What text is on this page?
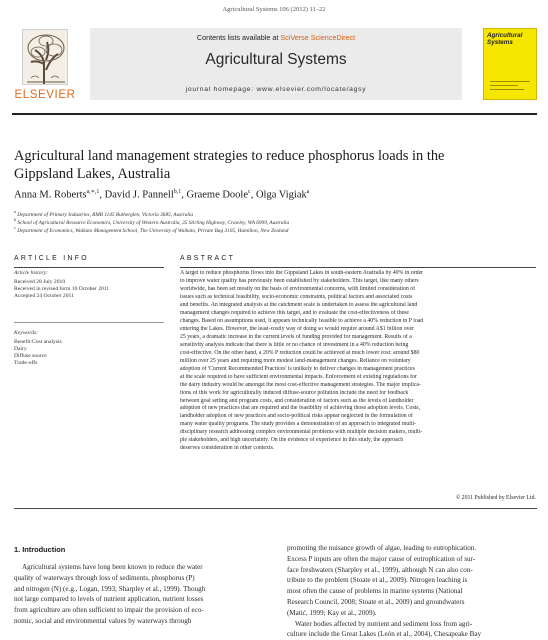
Agricultural Systems 106 (2012) 11–22
ELSEVIER
Contents lists available at SciVerse ScienceDirect
Agricultural Systems
journal homepage: www.elsevier.com/locate/agsy
Agricultural Systems
Agricultural land management strategies to reduce phosphorus loads in the Gippsland Lakes, Australia
Anna M. Roberts$^{a,∗,1}$, David J. Pannell$^{b,1}$, Graeme Doole$^c$, Olga Vigiak$^a$
$^a$ Department of Primary Industries, RMB 1145 Rutherglen, Victoria 3685, Australia
$^b$ School of Agricultural Resource Economics, University of Western Australia, 35 Stirling Highway, Crawley, WA 6009, Australia
$^c$ Department of Economics, Waikato Management School, The University of Waikato, Private Bag 3105, Hamilton, New Zealand
ARTICLE INFO
Article history:
Received 28 July 2010
Received in revised form 10 October 2011
Accepted 24 October 2011
Keywords:
Benefit:Cost analysis
Dairy
Diffuse source
Trade-offs
ABSTRACT
A target to reduce phosphorus flows into the Gippsland Lakes in south-eastern Australia by 40% in order
to improve water quality has previously been established by stakeholders. This target, like many others
worldwide, has been set mostly on the basis of environmental concerns, with limited consideration of
issues such as technical feasibility, socio-economic constraints, political factors and associated costs
and benefits. An integrated analysis at the catchment scale is undertaken to assess the agricultural land
management changes required to achieve this target, and to evaluate the cost-effectiveness of these
changes. Based on assumptions used, it appears technically feasible to achieve a 40% reduction in P load
entering the Lakes. However, the least-costly way of doing so would require around A$1 billion over
25 years, a dramatic increase in the current levels of funding provided for management. Results of a
sensitivity analysis indicate that there is little or no chance of investment in a 40% reduction being
cost-effective. On the other hand, a 20% P reduction could be achieved at much lower cost: around $80
million over 25 years and requiring more modest land-management changes. Reliance on voluntary
adoption of 'Current Recommended Practices' is unlikely to deliver changes in management practices
at the scale required to have sufficient environmental impacts. Enforcement of existing regulations for
the dairy industry would be amongst the most cost-effective management strategies. The major implica-
tions of this work for agriculturally induced diffuse-source pollution include the need for feedback
between goal setting and program costs, and consideration of factors such as the levels of landholder
adoption of new practices that are required and the feasibility of achieving those adoption levels. Costs,
landholder adoption of new practices and socio-political risks appear neglected in the formulation of
many water quality programs. The study provides a demonstration of an approach to integrated multi-
disciplinary research addressing complex environmental problems with multiple decision makers, multi-
ple stakeholders, and high uncertainty. On the evidence of experience in this study, the approach
deserves consideration in other contexts.
© 2011 Published by Elsevier Ltd.
1. Introduction
Agricultural systems have long been known to reduce the water
quality of waterways through loss of sediments, phosphorus (P)
and nitrogen (N) (e.g., Logan, 1993; Sharpley et al., 1999). Though
not large compared to levels of nutrient application, nutrient losses
from agriculture are often sufficient to impair the provision of eco-
nomic, social and environmental values by waterways through
promoting the nuisance growth of algae, leading to eutrophication.
Excess P inputs are often the major cause of eutrophication of sur-
face freshwaters (Sharpley et al., 1999), although N can also con-
tribute to the problem (Stoate et al., 2009). Nitrogen leaching is
most often the cause of problems in marine systems (National
Research Council, 2008; Stoate et al., 2009) and groundwaters
(Matić, 1999; Kay et al., 2009).
Water bodies affected by nutrient and sediment loss from agri-
culture include the Great Lakes (León et al., 2004), Chesapeake Bay
